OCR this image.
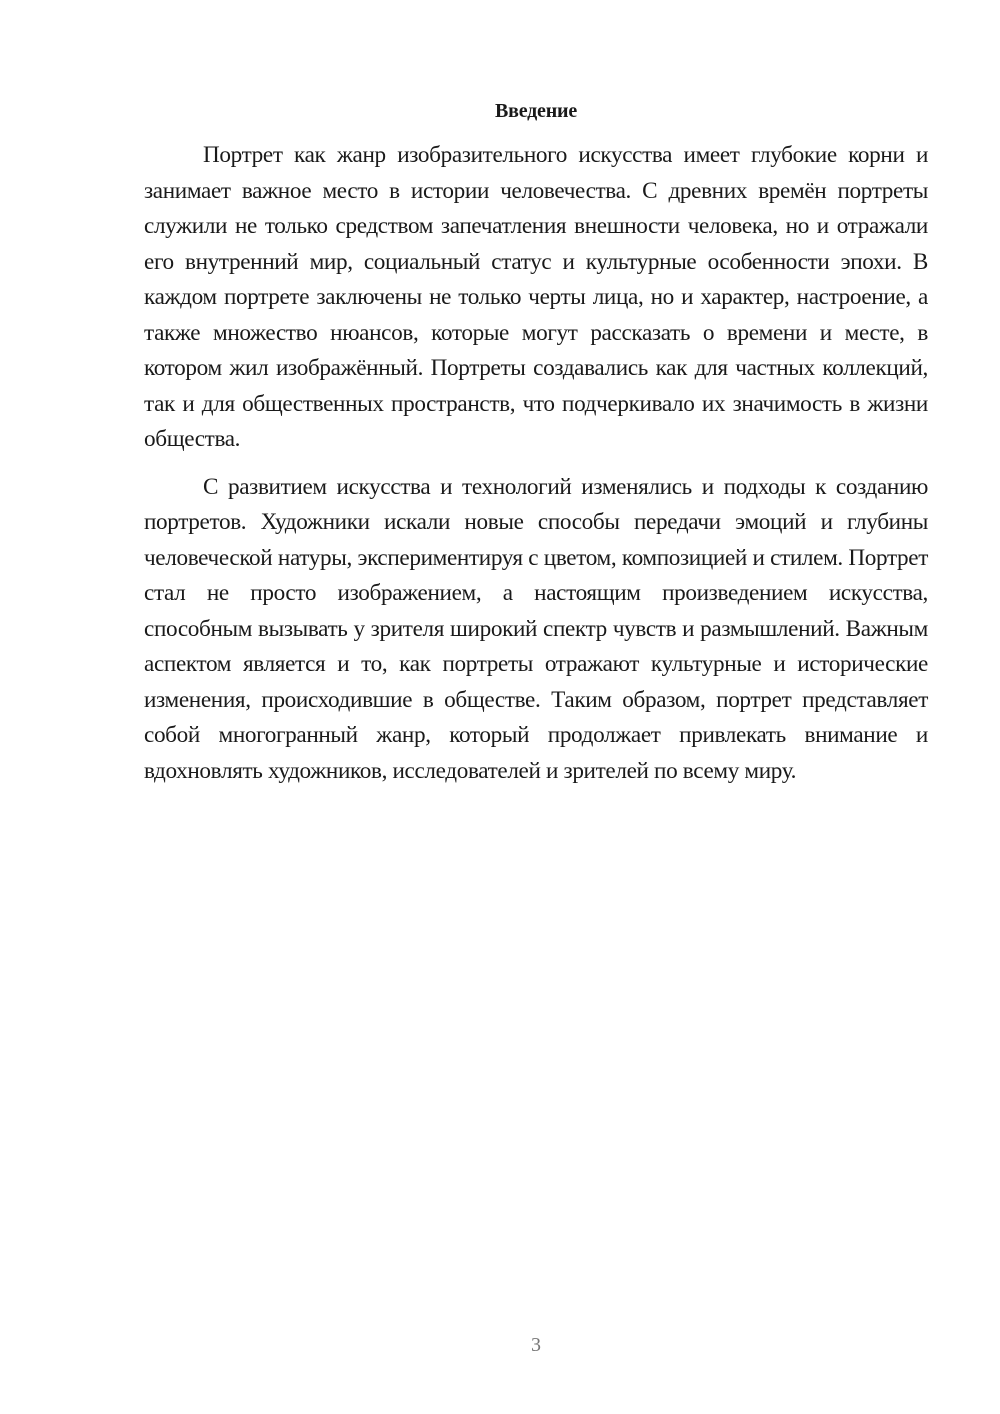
Введение

Портрет как жанр изобразительного искусства имеет глубокие корни и занимает важное место в истории человечества. С древних времён портреты служили не только средством запечатления внешности человека, но и отражали его внутренний мир, социальный статус и культурные особенности эпохи. В каждом портрете заключены не только черты лица, но и характер, настроение, а также множество нюансов, которые могут рассказать о времени и месте, в котором жил изображённый. Портреты создавались как для частных коллекций, так и для общественных пространств, что подчеркивало их значимость в жизни общества.

С развитием искусства и технологий изменялись и подходы к созданию портретов. Художники искали новые способы передачи эмоций и глубины человеческой натуры, экспериментируя с цветом, композицией и стилем. Портрет стал не просто изображением, а настоящим произведением искусства, способным вызывать у зрителя широкий спектр чувств и размышлений. Важным аспектом является и то, как портреты отражают культурные и исторические изменения, происходившие в обществе. Таким образом, портрет представляет собой многогранный жанр, который продолжает привлекать внимание и вдохновлять художников, исследователей и зрителей по всему миру.

3
